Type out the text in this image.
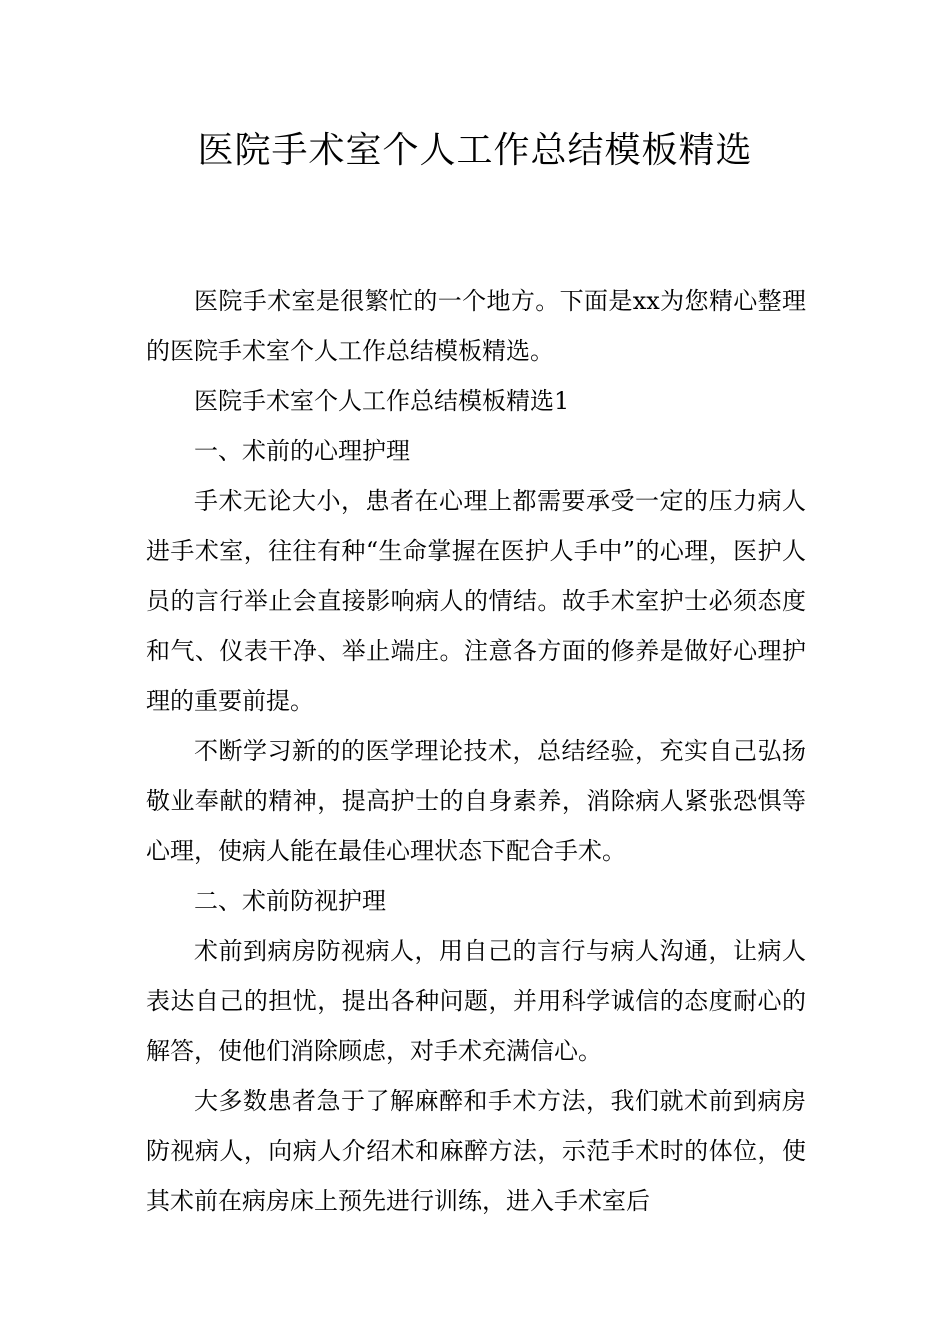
医院手术室个人工作总结模板精选

医院手术室是很繁忙的一个地方。下面是xx为您精心整理的医院手术室个人工作总结模板精选。

医院手术室个人工作总结模板精选1

一、术前的心理护理

手术无论大小，患者在心理上都需要承受一定的压力病人进手术室，往往有种“生命掌握在医护人手中”的心理，医护人员的言行举止会直接影响病人的情结。故手术室护士必须态度和气、仪表干净、举止端庄。注意各方面的修养是做好心理护理的重要前提。

不断学习新的的医学理论技术，总结经验，充实自己弘扬敬业奉献的精神，提高护士的自身素养，消除病人紧张恐惧等心理，使病人能在最佳心理状态下配合手术。

二、术前防视护理

术前到病房防视病人，用自己的言行与病人沟通，让病人表达自己的担忧，提出各种问题，并用科学诚信的态度耐心的解答，使他们消除顾虑，对手术充满信心。

大多数患者急于了解麻醉和手术方法，我们就术前到病房防视病人，向病人介绍术和麻醉方法，示范手术时的体位，使其术前在病房床上预先进行训练，进入手术室后
